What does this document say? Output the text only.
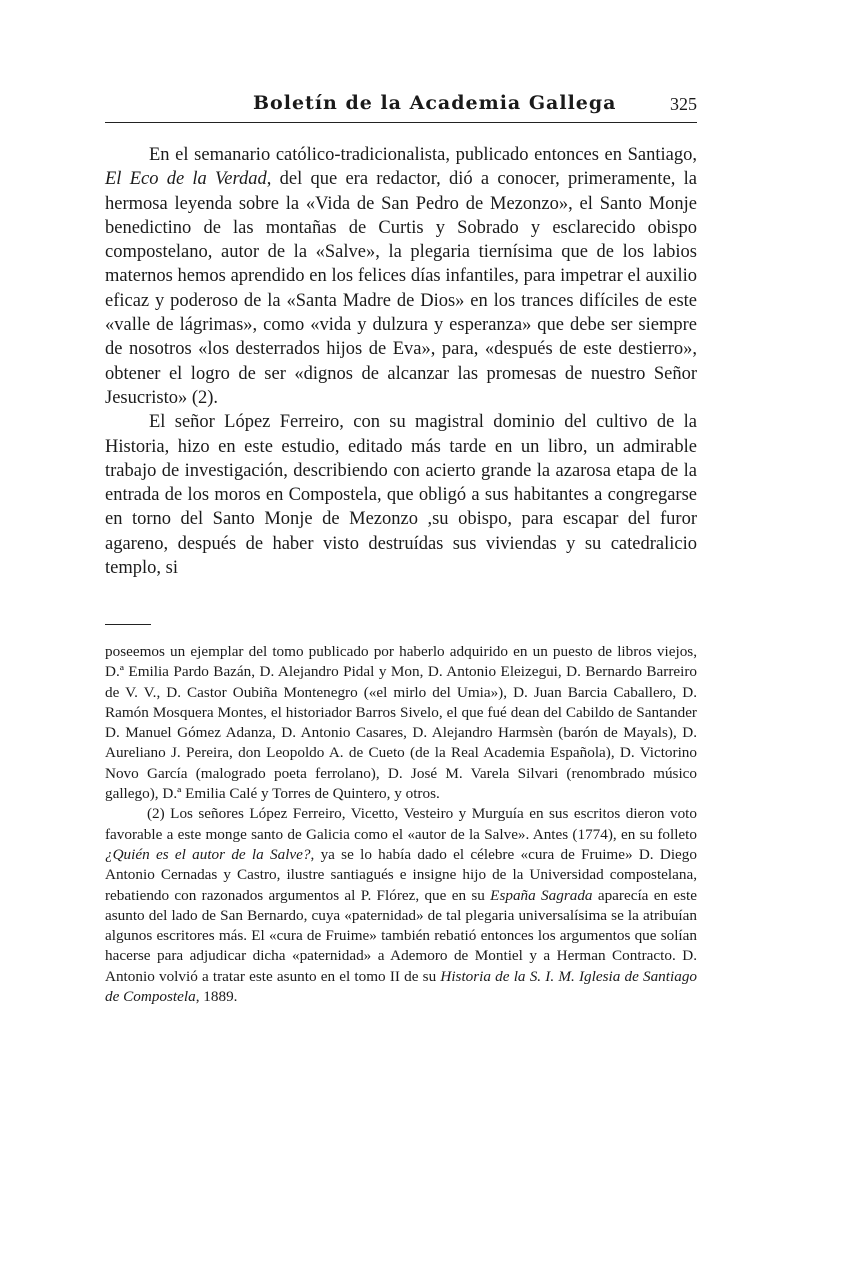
Boletín de la Academia Gallega	325

En el semanario católico-tradicionalista, publicado entonces en Santiago, El Eco de la Verdad, del que era redactor, dió a conocer, primeramente, la hermosa leyenda sobre la «Vida de San Pedro de Mezonzo», el Santo Monje benedictino de las montañas de Curtis y Sobrado y esclarecido obispo compostelano, autor de la «Salve», la plegaria tiernísima que de los labios maternos hemos aprendido en los felices días infantiles, para impetrar el auxilio eficaz y poderoso de la «Santa Madre de Dios» en los trances difíciles de este «valle de lágrimas», como «vida y dulzura y esperanza» que debe ser siempre de nosotros «los desterrados hijos de Eva», para, «después de este destierro», obtener el logro de ser «dignos de alcanzar las promesas de nuestro Señor Jesucristo» (2).

El señor López Ferreiro, con su magistral dominio del cultivo de la Historia, hizo en este estudio, editado más tarde en un libro, un admirable trabajo de investigación, describiendo con acierto grande la azarosa etapa de la entrada de los moros en Compostela, que obligó a sus habitantes a congregarse en torno del Santo Monje de Mezonzo ,su obispo, para escapar del furor agareno, después de haber visto destruídas sus viviendas y su catedralicio templo, si

poseemos un ejemplar del tomo publicado por haberlo adquirido en un puesto de libros viejos, D.ª Emilia Pardo Bazán, D. Alejandro Pidal y Mon, D. Antonio Eleizegui, D. Bernardo Barreiro de V. V., D. Castor Oubiña Montenegro («el mirlo del Umia»), D. Juan Barcia Caballero, D. Ramón Mosquera Montes, el historiador Barros Sivelo, el que fué dean del Cabildo de Santander D. Manuel Gómez Adanza, D. Antonio Casares, D. Alejandro Harmsèn (barón de Mayals), D. Aureliano J. Pereira, don Leopoldo A. de Cueto (de la Real Academia Española), D. Victorino Novo García (malogrado poeta ferrolano), D. José M. Varela Silvari (renombrado músico gallego), D.ª Emilia Calé y Torres de Quintero, y otros.

(2) Los señores López Ferreiro, Vicetto, Vesteiro y Murguía en sus escritos dieron voto favorable a este monge santo de Galicia como el «autor de la Salve». Antes (1774), en su folleto ¿Quién es el autor de la Salve?, ya se lo había dado el célebre «cura de Fruime» D. Diego Antonio Cernadas y Castro, ilustre santiagués e insigne hijo de la Universidad compostelana, rebatiendo con razonados argumentos al P. Flórez, que en su España Sagrada aparecía en este asunto del lado de San Bernardo, cuya «paternidad» de tal plegaria universalísima se la atribuían algunos escritores más. El «cura de Fruime» también rebatió entonces los argumentos que solían hacerse para adjudicar dicha «paternidad» a Ademoro de Montiel y a Herman Contracto. D. Antonio volvió a tratar este asunto en el tomo II de su Historia de la S. I. M. Iglesia de Santiago de Compostela, 1889.
